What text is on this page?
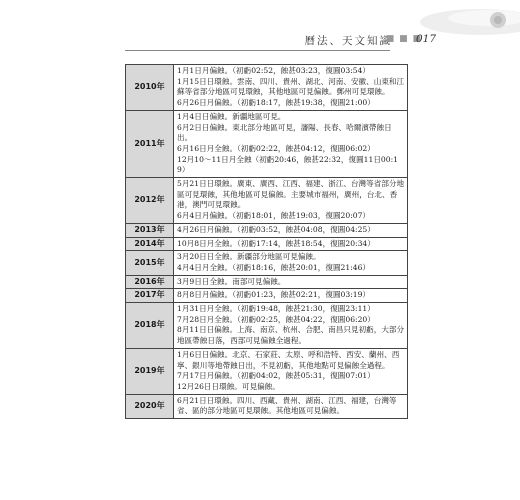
曆法、天文知識
■ ■ ■
017
2010年	1月1日月偏蝕。（初虧02:52，蝕甚03:23，復圓03:54）
1月15日日環蝕。雲南、四川、貴州、湖北、河南、安徽、山東和江蘇等省部分地區可見環蝕，其他地區可見偏蝕。郵州可見環蝕。
6月26日月偏蝕。（初虧18:17，蝕甚19:38，復圓21:00）

2011年	1月4日日偏蝕。新疆地區可見。
6月2日日偏蝕。東北部分地區可見，瀋陽、長春、哈爾濱帶蝕日出。
6月16日月全蝕。（初虧02:22，蝕甚04:12，復圓06:02）
12月10～11日月全蝕（初虧20:46，蝕甚22:32，復圓11日00:19）

2012年	5月21日日環蝕。廣東、廣西、江西、福建、浙江、台灣等省部分地區可見環蝕，其他地區可見偏蝕。主要城市福州，廣州，台北、香港，澳門可見環蝕。
6月4日月偏蝕。（初虧18:01，蝕甚19:03，復圓20:07）

2013年	4月26日月偏蝕。（初虧03:52，蝕甚04:08，復圓04:25）

2014年	10月8日月全蝕。（初虧17:14，蝕甚18:54，復圓20:34）

2015年	3月20日日全蝕。新疆部分地區可見偏蝕。
4月4日月全蝕。（初虧18:16，蝕甚20:01，復圓21:46）

2016年	3月9日日全蝕。南部可見偏蝕。

2017年	8月8日月偏蝕。（初虧01:23，蝕甚02:21，復圓03:19）

2018年	1月31日月全蝕。（初虧19:48，蝕甚21:30，復圓23:11）
7月28日月全蝕。（初虧02:25，蝕甚04:22，復圓06:20）
8月11日日偏蝕。上海、南京、杭州、合肥、南昌只見初虧，大部分地區帶蝕日落，西部可見偏蝕全過程。

2019年	1月6日日偏蝕。北京、石家莊、太原、呼和浩特、西安、蘭州、西寧、銀川等地帶蝕日出，不見初虧，其他地點可見偏蝕全過程。
7月17日月偏蝕。（初虧04:02，蝕甚05:31，復圓07:01）
12月26日日環蝕。可見偏蝕。

2020年	6月21日日環蝕。四川、西藏、貴州、湖南、江西、福建，台灣等省、區的部分地區可見環蝕。其他地區可見偏蝕。
